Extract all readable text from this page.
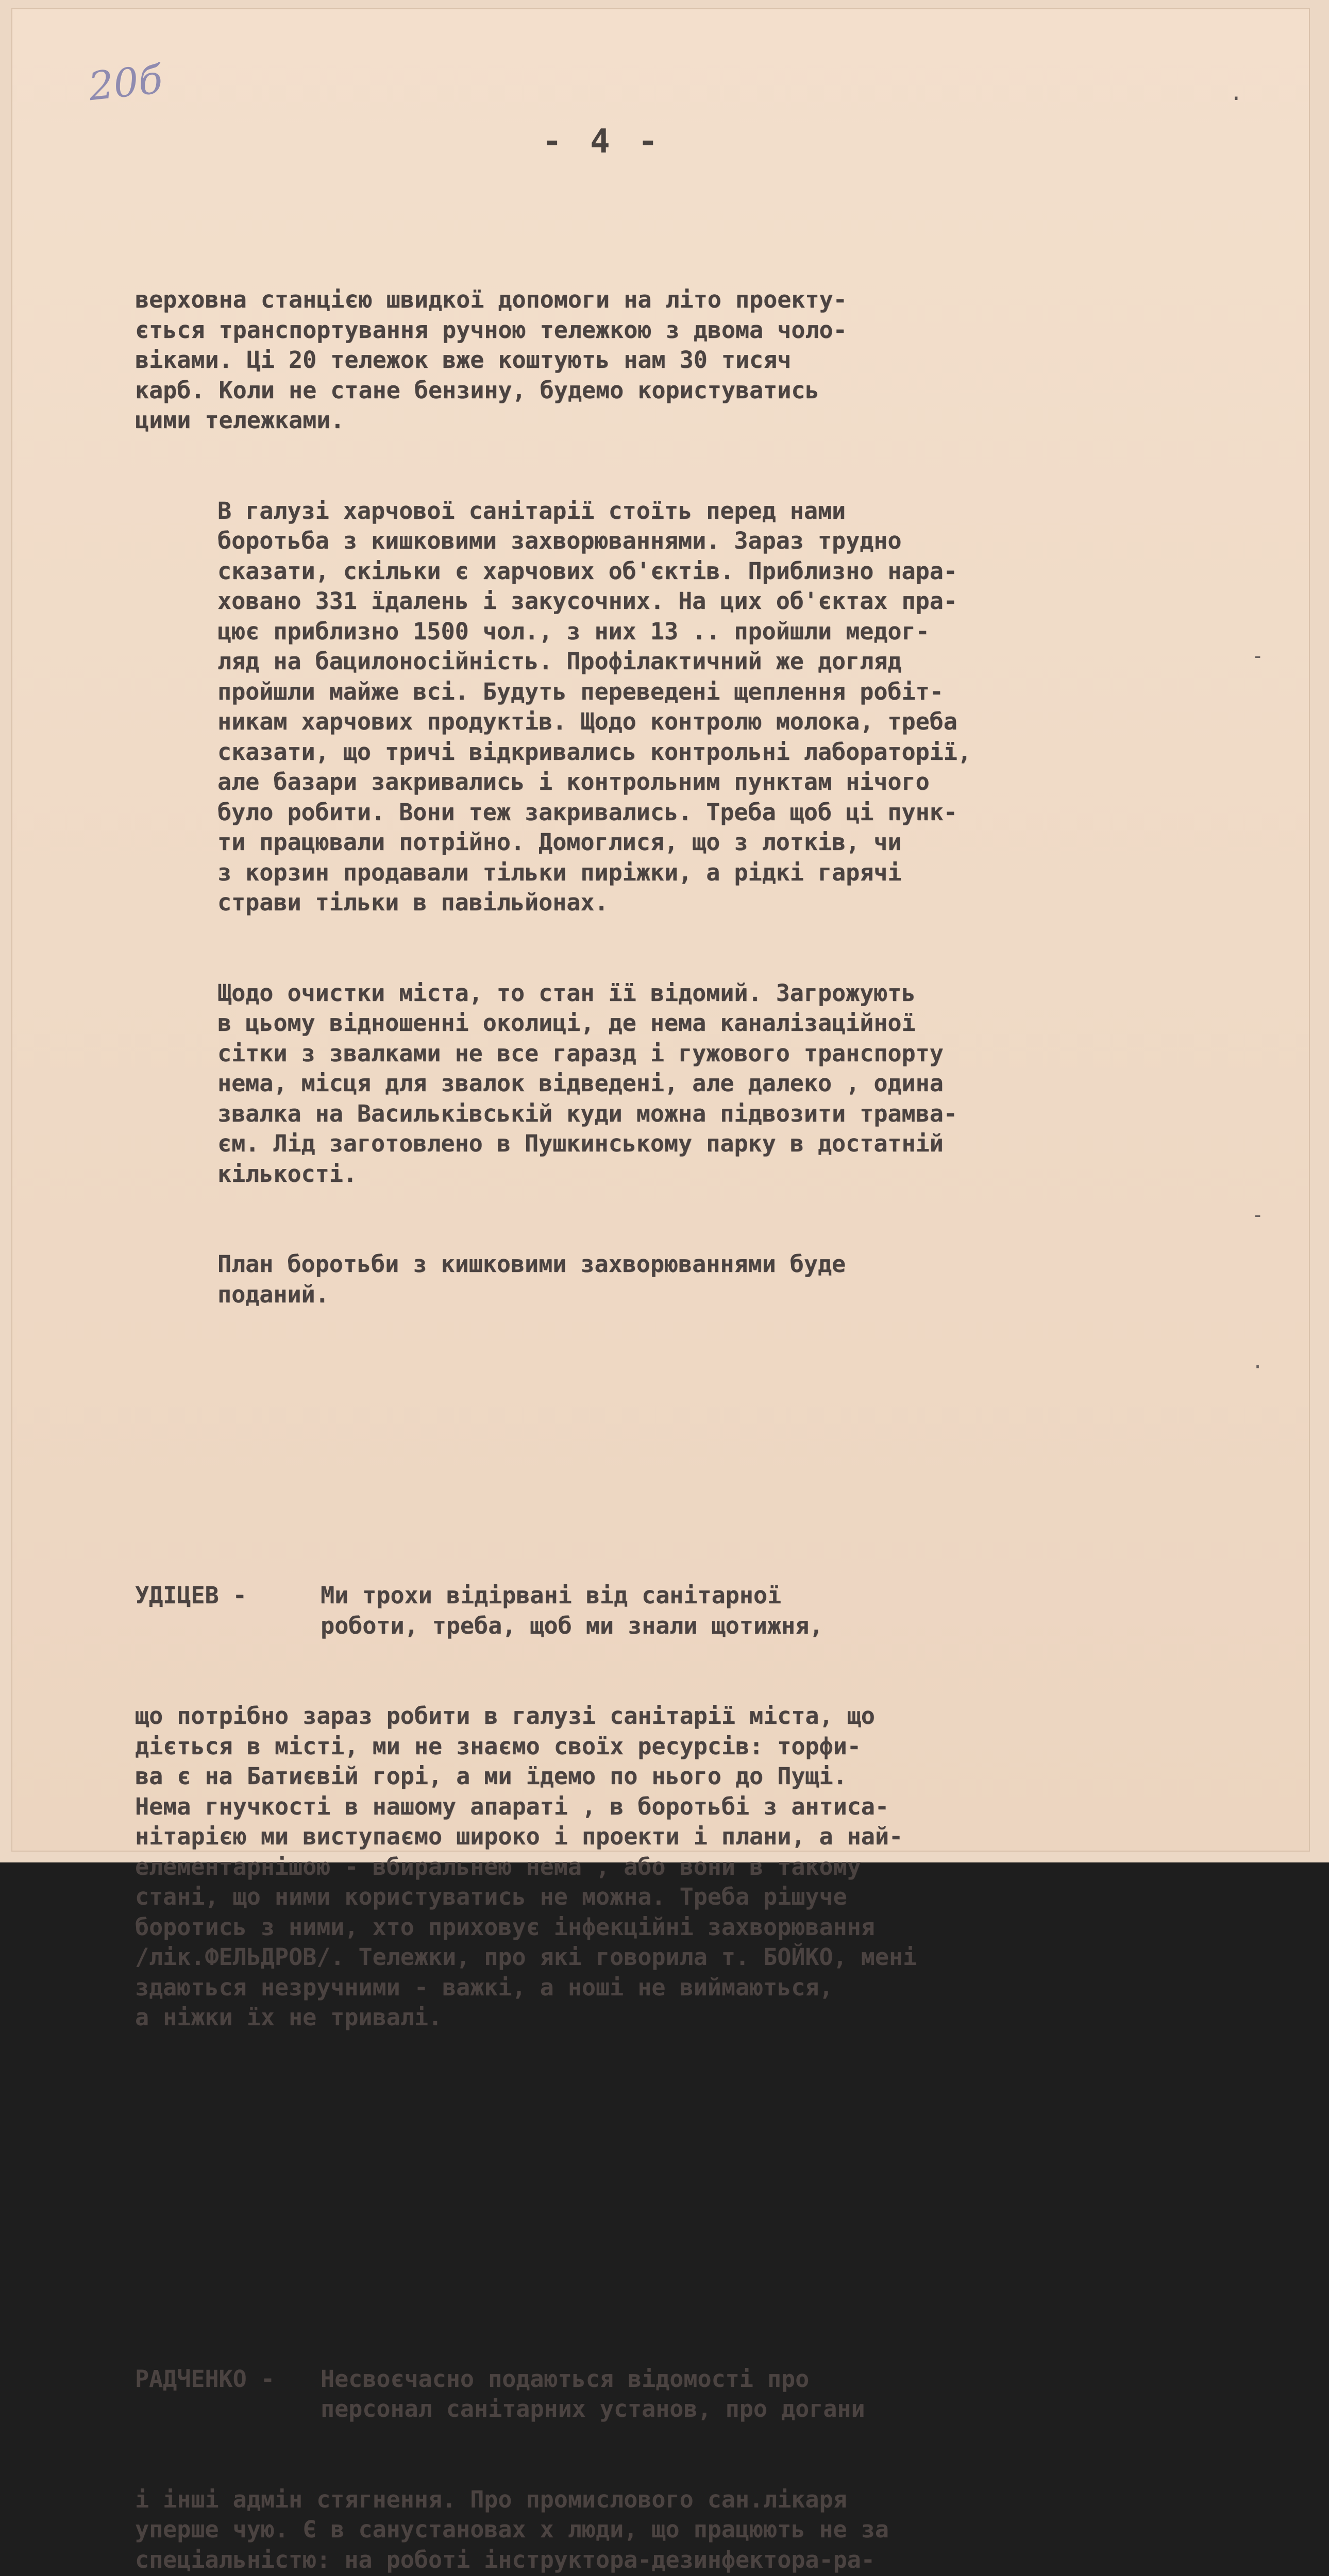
20б
- 4 -
·
-
-
·

верховна станцією швидкої допомоги на літо проекту-
ється транспортування ручною тележкою з двома чоло-
віками. Ці 20 тележок вже коштують нам 30 тисяч
карб. Коли не стане бензину, будемо користуватись
цими тележками.

В галузі харчової санітарії стоїть перед нами
боротьба з кишковими захворюваннями. Зараз трудно
сказати, скільки є харчових об'єктів. Приблизно нара-
ховано 331 їдалень і закусочних. На цих об'єктах пра-
цює приблизно 1500 чол., з них 13 .. пройшли медог-
ляд на бацилоносійність. Профілактичний же догляд
пройшли майже всі. Будуть переведені щеплення робіт-
никам харчових продуктів. Щодо контролю молока, треба
сказати, що тричі відкривались контрольні лабораторії,
але базари закривались і контрольним пунктам нічого
було робити. Вони теж закривались. Треба щоб ці пунк-
ти працювали потрійно. Домоглися, що з лотків, чи
з корзин продавали тільки пиріжки, а рідкі гарячі
страви тільки в павільйонах.

Щодо очистки міста, то стан її відомий. Загрожують
в цьому відношенні околиці, де нема каналізаційної
сітки з звалками не все гаразд і гужового транспорту
нема, місця для звалок відведені, але далеко , одина
звалка на Васильківській куди можна підвозити трамва-
єм. Лід заготовлено в Пушкинському парку в достатній
кількості.

План боротьби з кишковими захворюваннями буде
поданий.

УДІЦЕВ -	Ми трохи відірвані від санітарної
роботи, треба, щоб ми знали щотижня,

що потрібно зараз робити в галузі санітарії міста, що
діється в місті, ми не знаємо своїх ресурсів: торфи-
ва є на Батиєвій горі, а ми їдемо по нього до Пущі.
Нема гнучкості в нашому апараті , в боротьбі з антиса-
нітарією ми виступаємо широко і проекти і плани, а най-
елементарнішою - вбиральнею нема , або вони в такому
стані, що ними користуватись не можна. Треба рішуче
боротись з ними, хто приховує інфекційні захворювання
/лік.ФЕЛЬДРОВ/. Тележки, про які говорила т. БОЙКО, мені
здаються незручними - важкі, а ноші не виймаються,
а ніжки їх не тривалі.

РАДЧЕНКО -	Несвоєчасно подаються відомості про
персонал санітарних установ, про догани

і інші адмін стягнення. Про промислового сан.лікаря
уперше чую. Є в санустановах х люди, що працюють не за
спеціальністю: на роботі інструктора-дезинфектора-ра-
